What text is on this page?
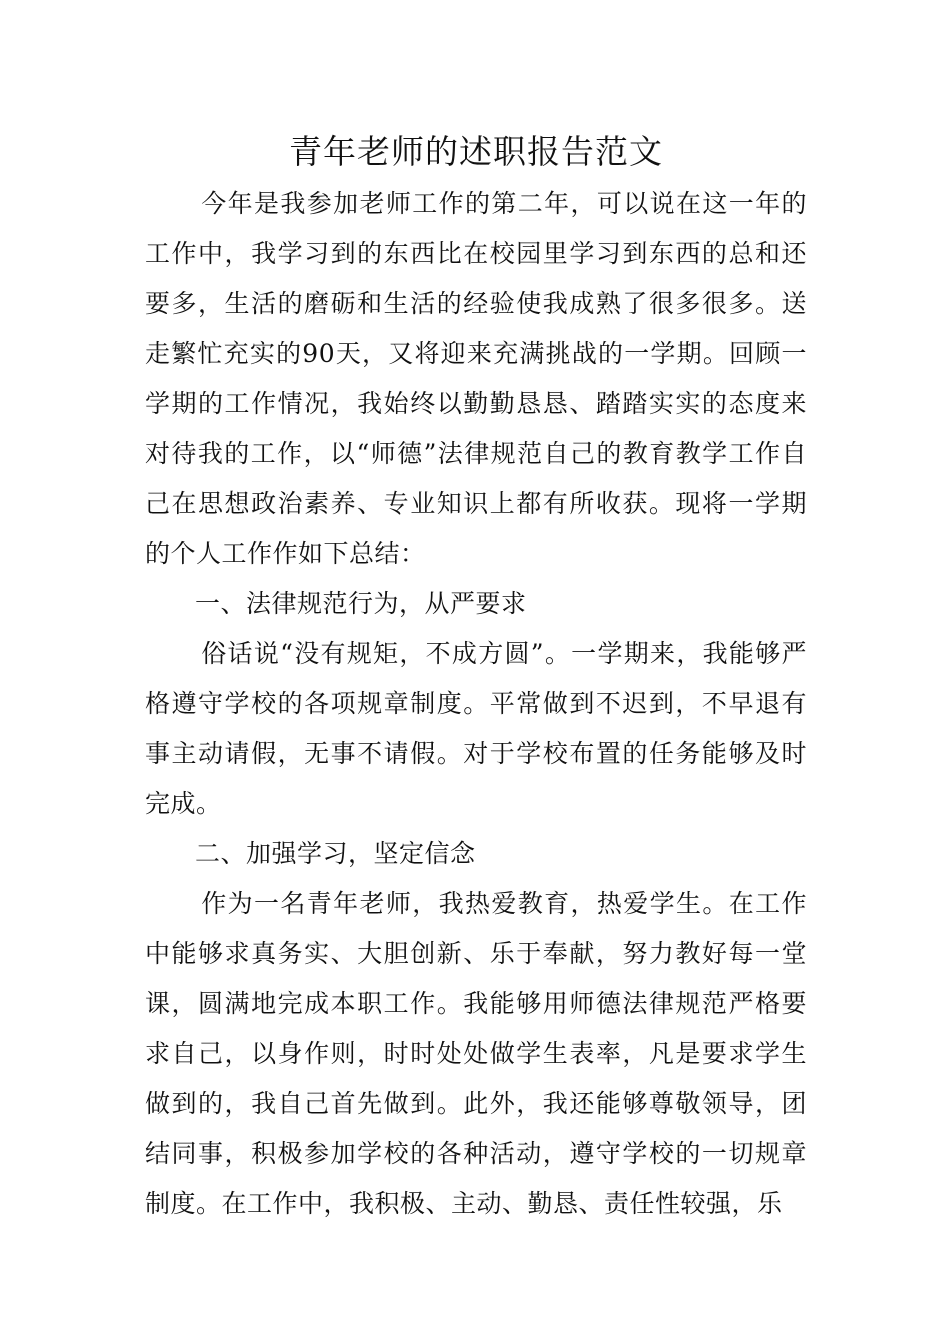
青年老师的述职报告范文

今年是我参加老师工作的第二年，可以说在这一年的工作中，我学习到的东西比在校园里学习到东西的总和还要多，生活的磨砺和生活的经验使我成熟了很多很多。送走繁忙充实的90天，又将迎来充满挑战的一学期。回顾一学期的工作情况，我始终以勤勤恳恳、踏踏实实的态度来对待我的工作，以“师德”法律规范自己的教育教学工作自己在思想政治素养、专业知识上都有所收获。现将一学期的个人工作作如下总结：

一、法律规范行为，从严要求

俗话说“没有规矩，不成方圆”。一学期来，我能够严格遵守学校的各项规章制度。平常做到不迟到，不早退有事主动请假，无事不请假。对于学校布置的任务能够及时完成。

二、加强学习，坚定信念

作为一名青年老师，我热爱教育，热爱学生。在工作中能够求真务实、大胆创新、乐于奉献，努力教好每一堂课，圆满地完成本职工作。我能够用师德法律规范严格要求自己，以身作则，时时处处做学生表率，凡是要求学生做到的，我自己首先做到。此外，我还能够尊敬领导，团结同事，积极参加学校的各种活动，遵守学校的一切规章制度。在工作中，我积极、主动、勤恳、责任性较强，乐
